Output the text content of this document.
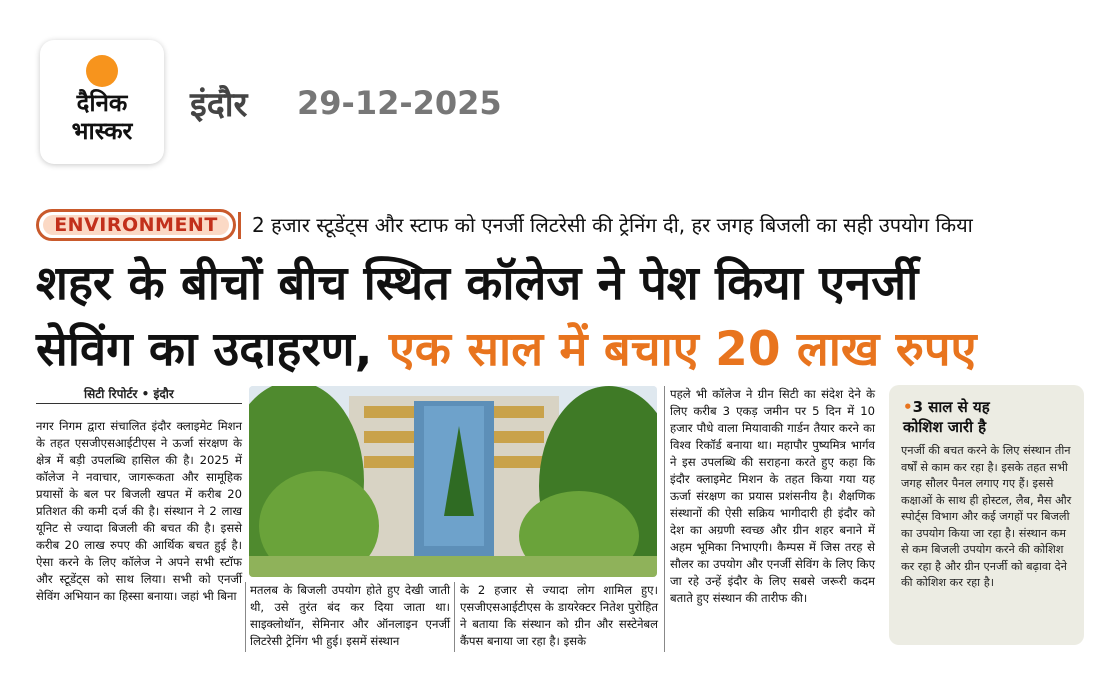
दैनिक
भास्कर
इंदौर 29-12-2025
ENVIRONMENT	2 हजार स्टूडेंट्स और स्टाफ को एनर्जी लिटरेसी की ट्रेनिंग दी, हर जगह बिजली का सही उपयोग किया
शहर के बीचों बीच स्थित कॉलेज ने पेश किया एनर्जी
सेविंग का उदाहरण, एक साल में बचाए 20 लाख रुपए
सिटी रिपोर्टर • इंदौर
नगर निगम द्वारा संचालित इंदौर क्लाइमेट मिशन के तहत एसजीएसआईटीएस ने ऊर्जा संरक्षण के क्षेत्र में बड़ी उपलब्धि हासिल की है। 2025 में कॉलेज ने नवाचार, जागरूकता और सामूहिक प्रयासों के बल पर बिजली खपत में करीब 20 प्रतिशत की कमी दर्ज की है। संस्थान ने 2 लाख यूनिट से ज्यादा बिजली की बचत की है। इससे करीब 20 लाख रुपए की आर्थिक बचत हुई है। ऐसा करने के लिए कॉलेज ने अपने सभी स्टॉफ और स्टूडेंट्स को साथ लिया। सभी को एनर्जी सेविंग अभियान का हिस्सा बनाया। जहां भी बिना	मतलब के बिजली उपयोग होते हुए देखी जाती थी, उसे तुरंत बंद कर दिया जाता था। साइक्लोथॉन, सेमिनार और ऑनलाइन एनर्जी लिटरेसी ट्रेनिंग भी हुई। इसमें संस्थान
के 2 हजार से ज्यादा लोग शामिल हुए। एसजीएसआईटीएस के डायरेक्टर नितेश पुरोहित ने बताया कि संस्थान को ग्रीन और सस्टेनेबल कैंपस बनाया जा रहा है। इसके
पहले भी कॉलेज ने ग्रीन सिटी का संदेश देने के लिए करीब 3 एकड़ जमीन पर 5 दिन में 10 हजार पौधे वाला मियावाकी गार्डन तैयार करने का विश्व रिकॉर्ड बनाया था। महापौर पुष्यमित्र भार्गव ने इस उपलब्धि की सराहना करते हुए कहा कि इंदौर क्लाइमेट मिशन के तहत किया गया यह ऊर्जा संरक्षण का प्रयास प्रशंसनीय है। शैक्षणिक संस्थानों की ऐसी सक्रिय भागीदारी ही इंदौर को देश का अग्रणी स्वच्छ और ग्रीन शहर बनाने में अहम भूमिका निभाएगी। कैम्पस में जिस तरह से सौलर का उपयोग और एनर्जी सेविंग के लिए किए जा रहे उन्हें इंदौर के लिए सबसे जरूरी कदम बताते हुए संस्थान की तारीफ की।
•3 साल से यह
कोशिश जारी है
एनर्जी की बचत करने के लिए संस्थान तीन वर्षों से काम कर रहा है। इसके तहत सभी जगह सौलर पैनल लगाए गए हैं। इससे कक्षाओं के साथ ही होस्टल, लैब, मैस और स्पोर्ट्स विभाग और कई जगहों पर बिजली का उपयोग किया जा रहा है। संस्थान कम से कम बिजली उपयोग करने की कोशिश कर रहा है और ग्रीन एनर्जी को बढ़ावा देने की कोशिश कर रहा है।
